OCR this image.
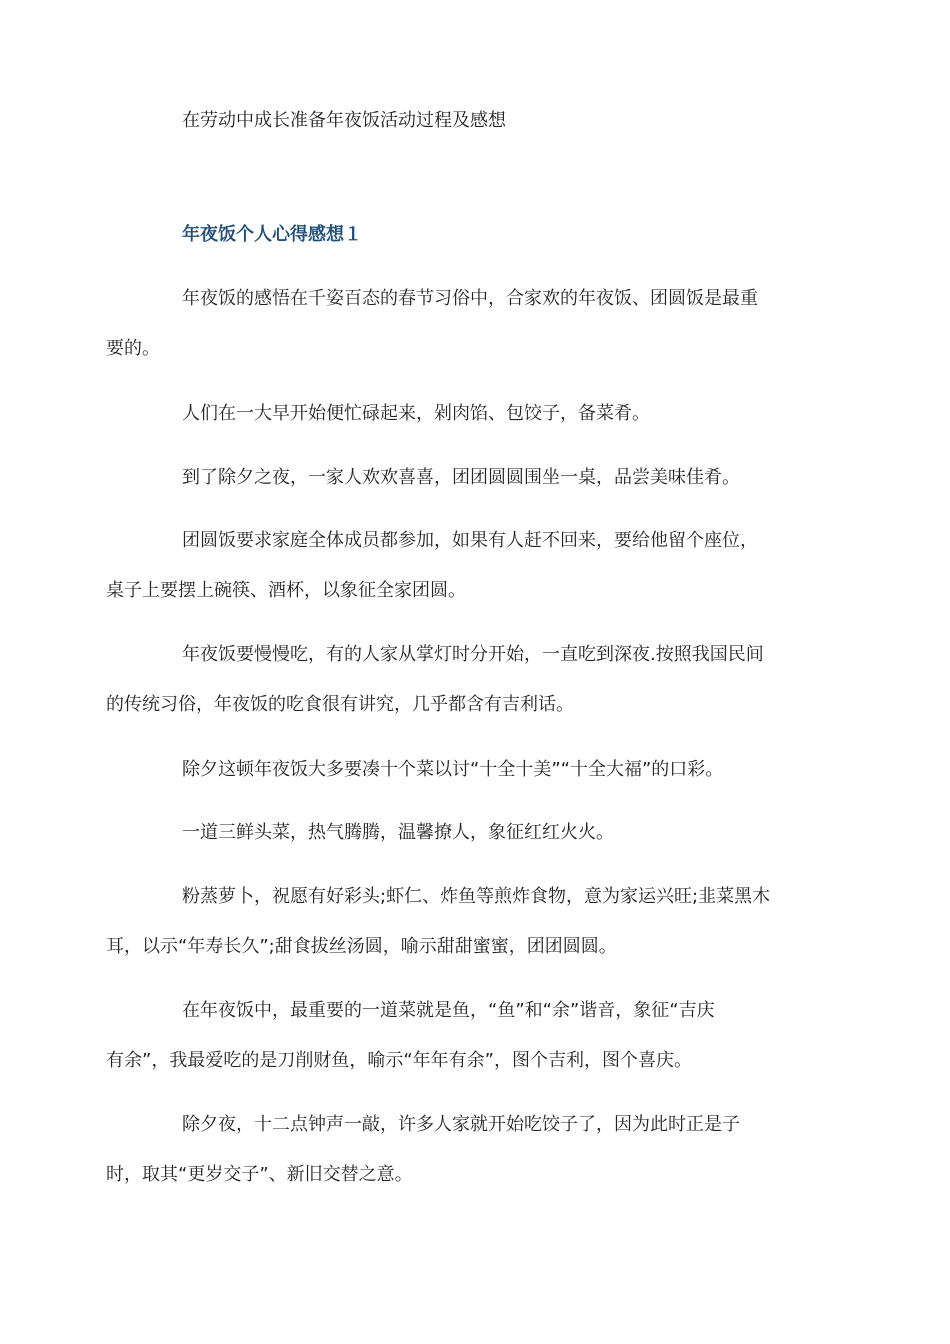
在劳动中成长准备年夜饭活动过程及感想
年夜饭个人心得感想１
年夜饭的感悟在千姿百态的春节习俗中，合家欢的年夜饭、团圆饭是最重
要的。
人们在一大早开始便忙碌起来，剁肉馅、包饺子，备菜肴。
到了除夕之夜，一家人欢欢喜喜，团团圆圆围坐一桌，品尝美味佳肴。
团圆饭要求家庭全体成员都参加，如果有人赶不回来，要给他留个座位，
桌子上要摆上碗筷、酒杯，以象征全家团圆。
年夜饭要慢慢吃，有的人家从掌灯时分开始，一直吃到深夜.按照我国民间
的传统习俗，年夜饭的吃食很有讲究，几乎都含有吉利话。
除夕这顿年夜饭大多要凑十个菜以讨“十全十美”“十全大福”的口彩。
一道三鲜头菜，热气腾腾，温馨撩人，象征红红火火。
粉蒸萝卜，祝愿有好彩头;虾仁、炸鱼等煎炸食物，意为家运兴旺;韭菜黑木
耳，以示“年寿长久”;甜食拔丝汤圆，喻示甜甜蜜蜜，团团圆圆。
在年夜饭中，最重要的一道菜就是鱼，“鱼”和“余”谐音，象征“吉庆
有余”，我最爱吃的是刀削财鱼，喻示“年年有余”，图个吉利，图个喜庆。
除夕夜，十二点钟声一敲，许多人家就开始吃饺子了，因为此时正是子
时，取其“更岁交子”、新旧交替之意。
